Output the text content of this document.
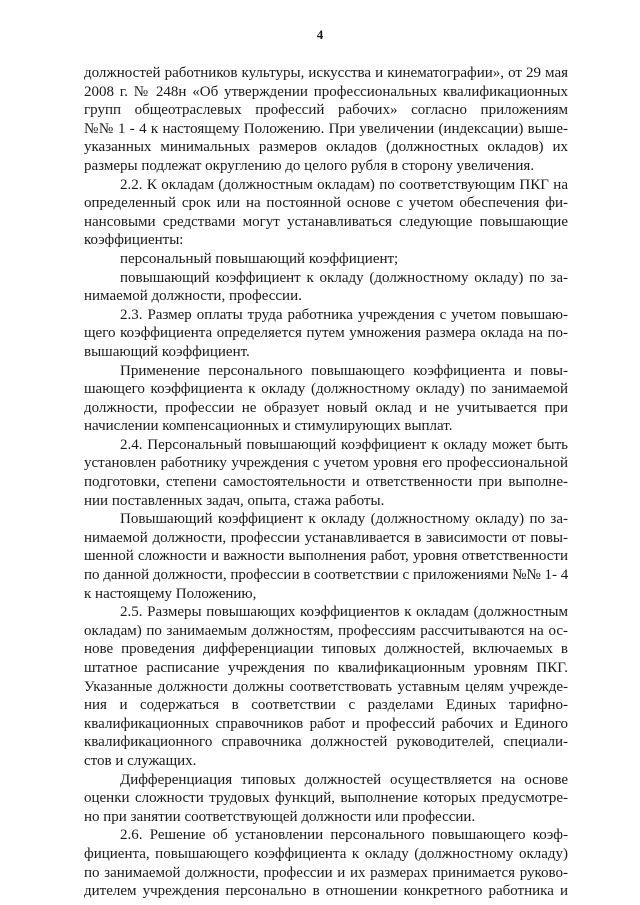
4
должностей работников культуры, искусства и кинематографии», от 29 мая
2008 г. № 248н «Об утверждении профессиональных квалификационных
групп общеотраслевых профессий рабочих» согласно приложениям
№№ 1 - 4 к настоящему Положению. При увеличении (индексации) выше-
указанных минимальных размеров окладов (должностных окладов) их
размеры подлежат округлению до целого рубля в сторону увеличения.
2.2. К окладам (должностным окладам) по соответствующим ПКГ на
определенный срок или на постоянной основе с учетом обеспечения фи-
нансовыми средствами могут устанавливаться следующие повышающие
коэффициенты:
персональный повышающий коэффициент;
повышающий коэффициент к окладу (должностному окладу) по за-
нимаемой должности, профессии.
2.3. Размер оплаты труда работника учреждения с учетом повышаю-
щего коэффициента определяется путем умножения размера оклада на по-
вышающий коэффициент.
Применение персонального повышающего коэффициента и повы-
шающего коэффициента к окладу (должностному окладу) по занимаемой
должности, профессии не образует новый оклад и не учитывается при
начислении компенсационных и стимулирующих выплат.
2.4. Персональный повышающий коэффициент к окладу может быть
установлен работнику учреждения с учетом уровня его профессиональной
подготовки, степени самостоятельности и ответственности при выполне-
нии поставленных задач, опыта, стажа работы.
Повышающий коэффициент к окладу (должностному окладу) по за-
нимаемой должности, профессии устанавливается в зависимости от повы-
шенной сложности и важности выполнения работ, уровня ответственности
по данной должности, профессии в соответствии с приложениями №№ 1- 4
к настоящему Положению,
2.5. Размеры повышающих коэффициентов к окладам (должностным
окладам) по занимаемым должностям, профессиям рассчитываются на ос-
нове проведения дифференциации типовых должностей, включаемых в
штатное расписание учреждения по квалификационным уровням ПКГ.
Указанные должности должны соответствовать уставным целям учрежде-
ния и содержаться в соответствии с разделами Единых тарифно-
квалификационных справочников работ и профессий рабочих и Единого
квалификационного справочника должностей руководителей, специали-
стов и служащих.
Дифференциация типовых должностей осуществляется на основе
оценки сложности трудовых функций, выполнение которых предусмотре-
но при занятии соответствующей должности или профессии.
2.6. Решение об установлении персонального повышающего коэф-
фициента, повышающего коэффициента к окладу (должностному окладу)
по занимаемой должности, профессии и их размерах принимается руково-
дителем учреждения персонально в отношении конкретного работника и
